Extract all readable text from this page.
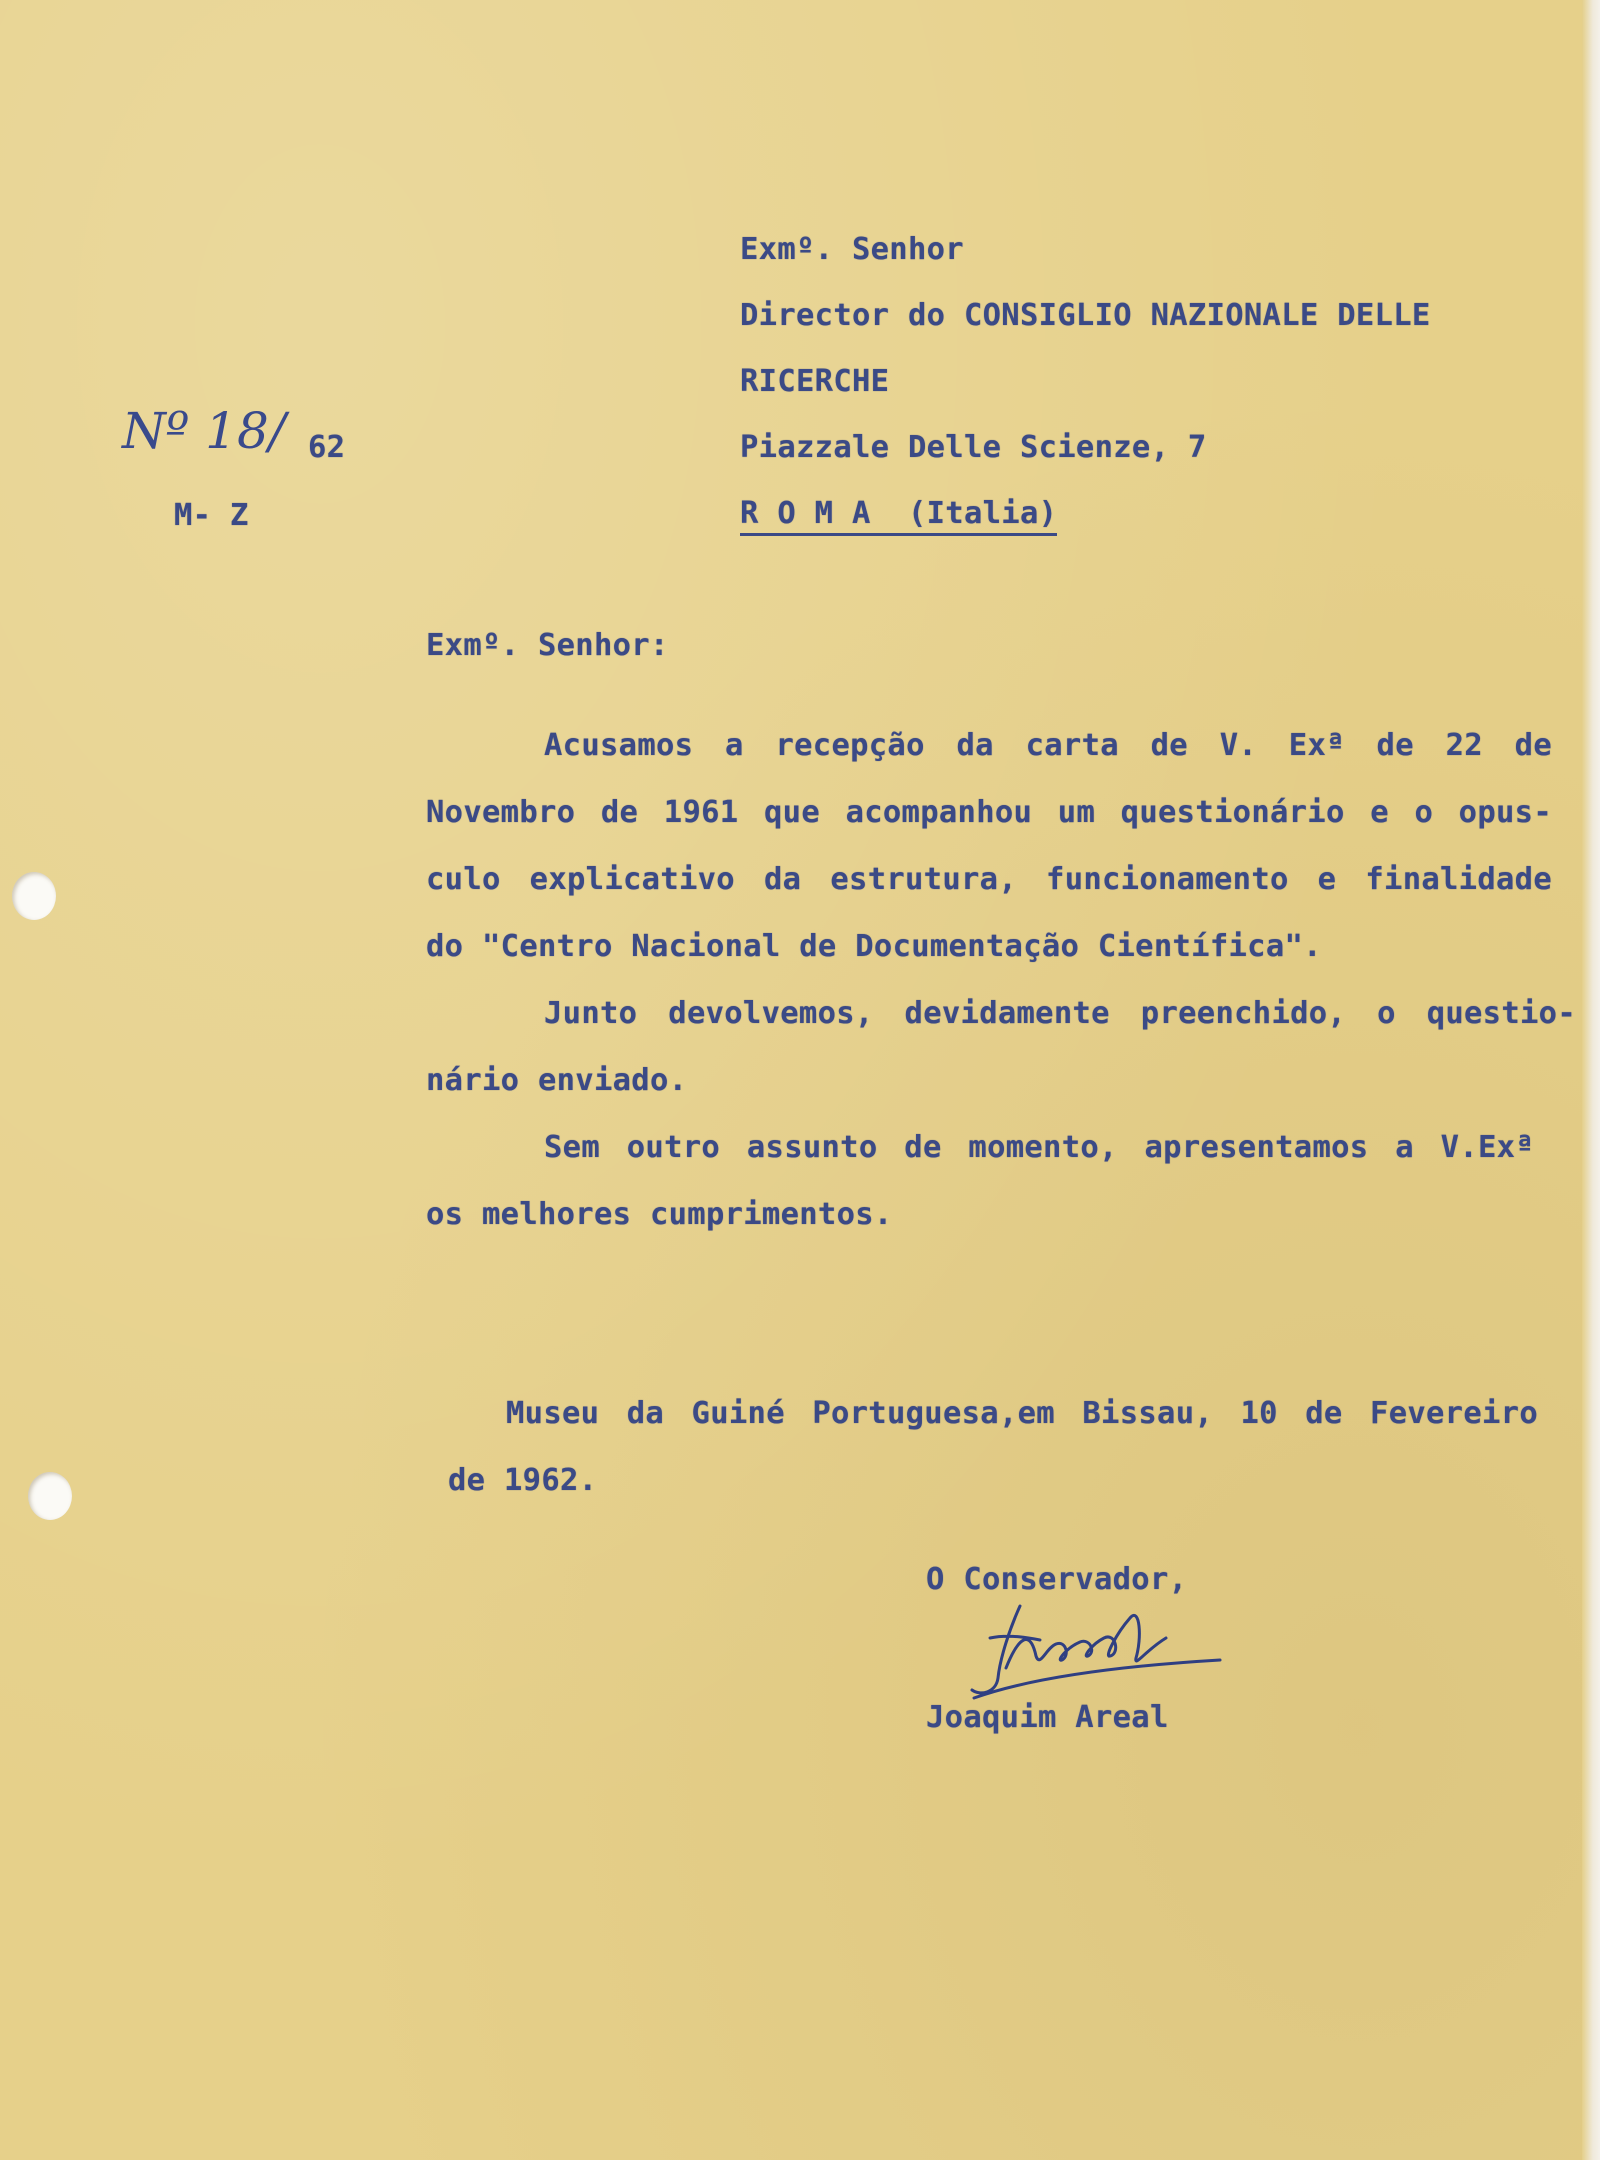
Nº 18/ 62
M- Z
Exmº. Senhor
Director do CONSIGLIO NAZIONALE DELLE
RICERCHE
Piazzale Delle Scienze, 7
R O M A  (Italia)
Exmº. Senhor:
Acusamos a recepção da carta de V. Exª de 22 de
Novembro de 1961 que acompanhou um questionário e o opus-
culo explicativo da estrutura, funcionamento e finalidade
do "Centro Nacional de Documentação Científica".
Junto devolvemos, devidamente preenchido, o questio-
nário enviado.
Sem outro assunto de momento, apresentamos a V.Exª
os melhores cumprimentos.
Museu da Guiné Portuguesa,em Bissau, 10 de Fevereiro
de 1962.
O Conservador,
Joaquim Areal
